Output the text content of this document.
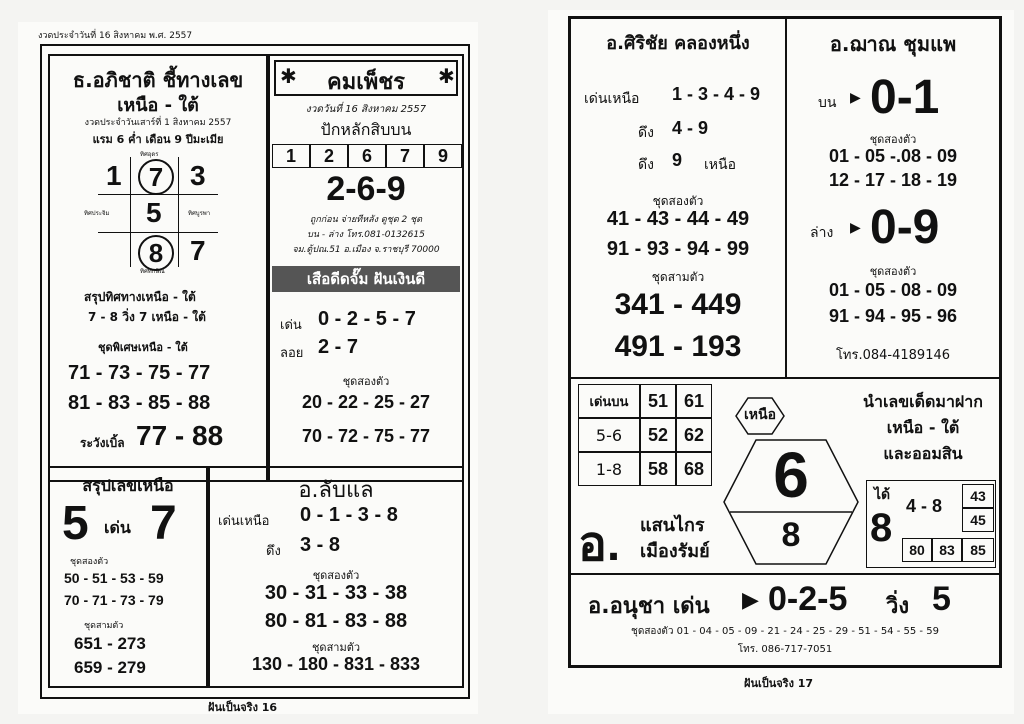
งวดประจำวันที่ 16 สิงหาคม พ.ศ. 2557
ธ.อภิชาติ ชี้ทางเลข
เหนือ - ใต้
งวดประจำวันเสาร์ที่ 1 สิงหาคม 2557
แรม 6 ค่ำ เดือน 9 ปีมะเมีย
ทิศอุดร
ทิศประจิม	ทิศบูรพา
ทิศทักษิณ
1	7 3
5
8 7
สรุปทิศทางเหนือ - ใต้
7 - 8 วิ่ง 7 เหนือ - ใต้
ชุดพิเศษเหนือ - ใต้
71 - 73 - 75 - 77
81 - 83 - 85 - 88
ระวังเบิ้ล 77 - 88
✱	คมเพ็ชร	✱
งวดวันที่ 16 สิงหาคม 2557
ปักหลักสิบบน
1	2	6	7	9
2-6-9
ถูกก่อน จ่ายทีหลัง ดูชุด 2 ชุด
บน - ล่าง โทร.081-0132615
จม.ตู้ปณ.51 อ.เมือง จ.ราชบุรี 70000
เสือดีดจั๊ม ฝันเงินดี
เด่น 0 - 2 - 5 - 7
ลอย 2 - 7
ชุดสองตัว
20 - 22 - 25 - 27
70 - 72 - 75 - 77
สรุปเลขเหนือ
5 เด่น 7
ชุดสองตัว
50 - 51 - 53 - 59
70 - 71 - 73 - 79
ชุดสามตัว
651 - 273
659 - 279
อ.ลับแล
เด่นเหนือ 0 - 1 - 3 - 8
ดึง 3 - 8
ชุดสองตัว
30 - 31 - 33 - 38
80 - 81 - 83 - 88
ชุดสามตัว
130 - 180 - 831 - 833
ฝันเป็นจริง 16
อ.ศิริชัย คลองหนึ่ง
เด่นเหนือ 1 - 3 - 4 - 9
ดึง 4 - 9
ดึง 9 เหนือ
ชุดสองตัว
41 - 43 - 44 - 49
91 - 93 - 94 - 99
ชุดสามตัว
341 - 449
491 - 193
อ.ฌาณ ชุมแพ
บน ▶ 0-1
ชุดสองตัว
01 - 05 -.08 - 09
12 - 17 - 18 - 19
ล่าง ▶ 0-9
ชุดสองตัว
01 - 05 - 08 - 09
91 - 94 - 95 - 96
โทร.084-4189146
เด่นบน	51 61
5-6	52 62
1-8	58 68
เหนือ
6
8
นำเลขเด็ดมาฝาก
เหนือ - ใต้
และออมสิน
อ. แสนไกร
เมืองรัมย์
ได้
8 4 - 8	43
45
80	83	85
อ.อนุชา เด่น ▶ 0-2-5 วิ่ง 5
ชุดสองตัว 01 - 04 - 05 - 09 - 21 - 24 - 25 - 29 - 51 - 54 - 55 - 59
โทร. 086-717-7051
ฝันเป็นจริง 17
